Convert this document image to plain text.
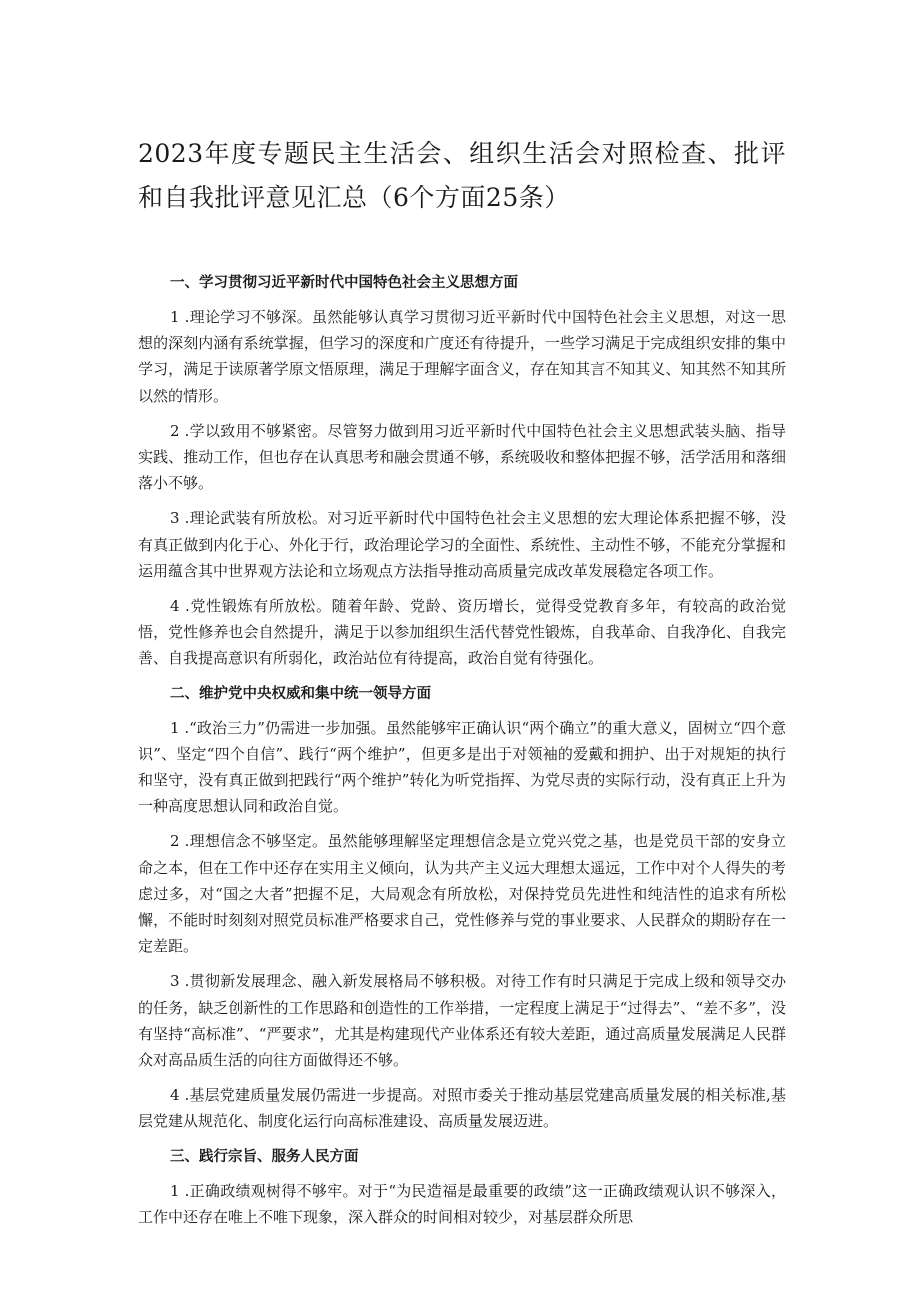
2023年度专题民主生活会、组织生活会对照检查、批评和自我批评意见汇总（6个方面25条）

一、学习贯彻习近平新时代中国特色社会主义思想方面

1 .理论学习不够深。虽然能够认真学习贯彻习近平新时代中国特色社会主义思想，对这一思想的深刻内涵有系统掌握，但学习的深度和广度还有待提升，一些学习满足于完成组织安排的集中学习，满足于读原著学原文悟原理，满足于理解字面含义，存在知其言不知其义、知其然不知其所以然的情形。

2 .学以致用不够紧密。尽管努力做到用习近平新时代中国特色社会主义思想武装头脑、指导实践、推动工作，但也存在认真思考和融会贯通不够，系统吸收和整体把握不够，活学活用和落细落小不够。

3 .理论武装有所放松。对习近平新时代中国特色社会主义思想的宏大理论体系把握不够，没有真正做到内化于心、外化于行，政治理论学习的全面性、系统性、主动性不够，不能充分掌握和运用蕴含其中世界观方法论和立场观点方法指导推动高质量完成改革发展稳定各项工作。

4 .党性锻炼有所放松。随着年龄、党龄、资历增长，觉得受党教育多年，有较高的政治觉悟，党性修养也会自然提升，满足于以参加组织生活代替党性锻炼，自我革命、自我净化、自我完善、自我提高意识有所弱化，政治站位有待提高，政治自觉有待强化。

二、维护党中央权威和集中统一领导方面

1 .“政治三力”仍需进一步加强。虽然能够牢正确认识“两个确立”的重大意义，固树立“四个意识”、坚定“四个自信”、践行“两个维护”，但更多是出于对领袖的爱戴和拥护、出于对规矩的执行和坚守，没有真正做到把践行“两个维护”转化为听党指挥、为党尽责的实际行动，没有真正上升为一种高度思想认同和政治自觉。

2 .理想信念不够坚定。虽然能够理解坚定理想信念是立党兴党之基，也是党员干部的安身立命之本，但在工作中还存在实用主义倾向，认为共产主义远大理想太遥远，工作中对个人得失的考虑过多，对“国之大者”把握不足，大局观念有所放松，对保持党员先进性和纯洁性的追求有所松懈，不能时时刻刻对照党员标准严格要求自己，党性修养与党的事业要求、人民群众的期盼存在一定差距。

3 .贯彻新发展理念、融入新发展格局不够积极。对待工作有时只满足于完成上级和领导交办的任务，缺乏创新性的工作思路和创造性的工作举措，一定程度上满足于“过得去”、“差不多”，没有坚持“高标准”、“严要求”，尤其是构建现代产业体系还有较大差距，通过高质量发展满足人民群众对高品质生活的向往方面做得还不够。

4 .基层党建质量发展仍需进一步提高。对照市委关于推动基层党建高质量发展的相关标准,基层党建从规范化、制度化运行向高标准建设、高质量发展迈进。

三、践行宗旨、服务人民方面

1 .正确政绩观树得不够牢。对于“为民造福是最重要的政绩”这一正确政绩观认识不够深入，工作中还存在唯上不唯下现象，深入群众的时间相对较少，对基层群众所思
